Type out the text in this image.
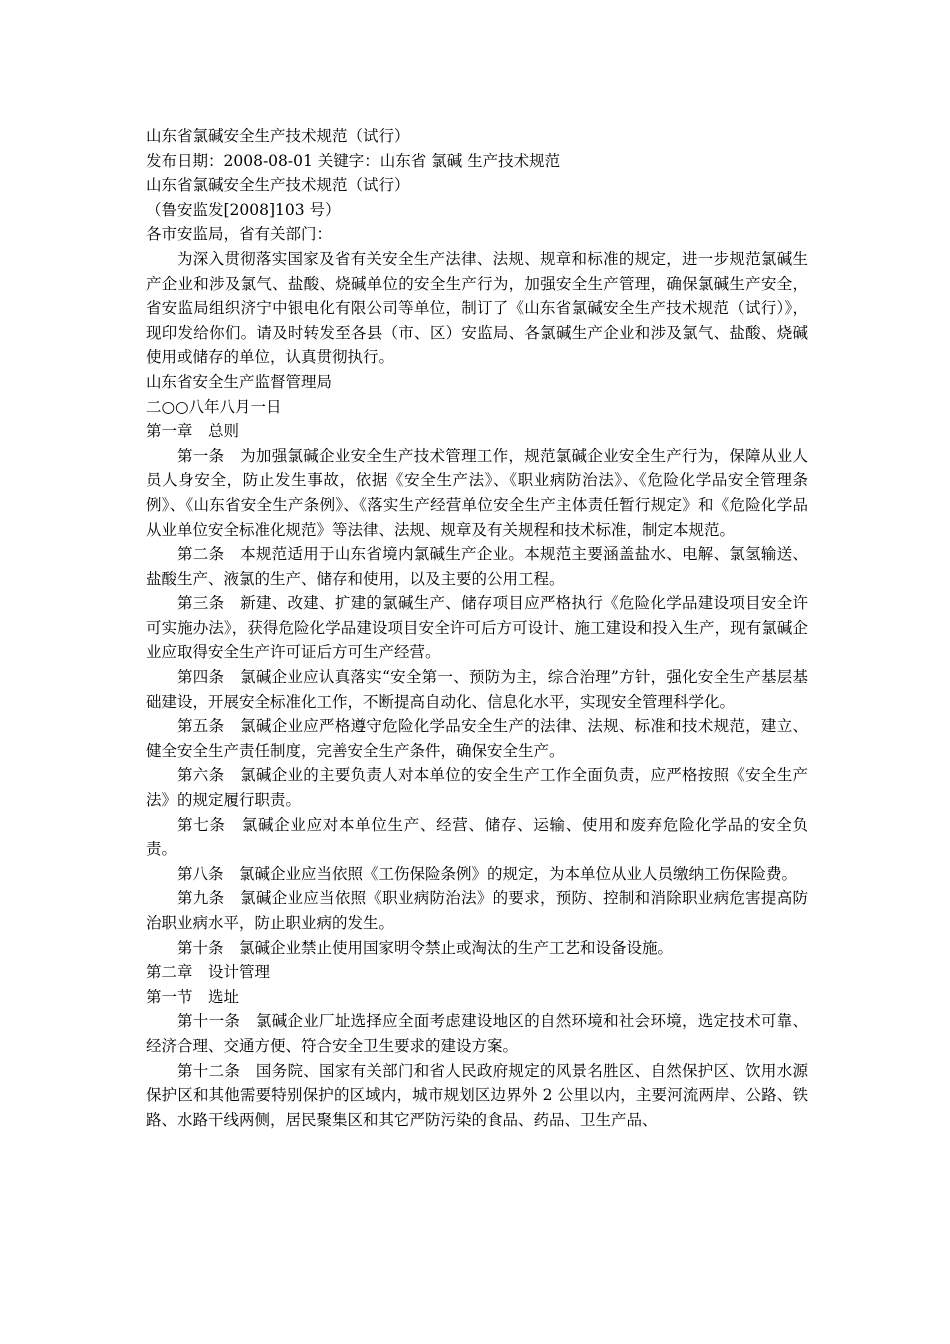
山东省氯碱安全生产技术规范（试行）

发布日期：2008-08-01 关键字：山东省 氯碱 生产技术规范

山东省氯碱安全生产技术规范（试行）

（鲁安监发[2008]103 号）

各市安监局，省有关部门：

为深入贯彻落实国家及省有关安全生产法律、法规、规章和标准的规定，进一步规范氯碱生产企业和涉及氯气、盐酸、烧碱单位的安全生产行为，加强安全生产管理，确保氯碱生产安全，省安监局组织济宁中银电化有限公司等单位，制订了《山东省氯碱安全生产技术规范（试行）》，现印发给你们。请及时转发至各县（市、区）安监局、各氯碱生产企业和涉及氯气、盐酸、烧碱使用或储存的单位，认真贯彻执行。

山东省安全生产监督管理局

二○○八年八月一日

第一章　总则

第一条　为加强氯碱企业安全生产技术管理工作，规范氯碱企业安全生产行为，保障从业人员人身安全，防止发生事故，依据《安全生产法》、《职业病防治法》、《危险化学品安全管理条例》、《山东省安全生产条例》、《落实生产经营单位安全生产主体责任暂行规定》和《危险化学品从业单位安全标准化规范》等法律、法规、规章及有关规程和技术标准，制定本规范。

第二条　本规范适用于山东省境内氯碱生产企业。本规范主要涵盖盐水、电解、氯氢输送、盐酸生产、液氯的生产、储存和使用，以及主要的公用工程。

第三条　新建、改建、扩建的氯碱生产、储存项目应严格执行《危险化学品建设项目安全许可实施办法》，获得危险化学品建设项目安全许可后方可设计、施工建设和投入生产，现有氯碱企业应取得安全生产许可证后方可生产经营。

第四条　氯碱企业应认真落实“安全第一、预防为主，综合治理”方针，强化安全生产基层基础建设，开展安全标准化工作，不断提高自动化、信息化水平，实现安全管理科学化。

第五条　氯碱企业应严格遵守危险化学品安全生产的法律、法规、标准和技术规范，建立、健全安全生产责任制度，完善安全生产条件，确保安全生产。

第六条　氯碱企业的主要负责人对本单位的安全生产工作全面负责，应严格按照《安全生产法》的规定履行职责。

第七条　氯碱企业应对本单位生产、经营、储存、运输、使用和废弃危险化学品的安全负责。

第八条　氯碱企业应当依照《工伤保险条例》的规定，为本单位从业人员缴纳工伤保险费。

第九条　氯碱企业应当依照《职业病防治法》的要求，预防、控制和消除职业病危害提高防治职业病水平，防止职业病的发生。

第十条　氯碱企业禁止使用国家明令禁止或淘汰的生产工艺和设备设施。

第二章　设计管理

第一节　选址

第十一条　氯碱企业厂址选择应全面考虑建设地区的自然环境和社会环境，选定技术可靠、经济合理、交通方便、符合安全卫生要求的建设方案。

第十二条　国务院、国家有关部门和省人民政府规定的风景名胜区、自然保护区、饮用水源保护区和其他需要特别保护的区域内，城市规划区边界外 2 公里以内，主要河流两岸、公路、铁路、水路干线两侧，居民聚集区和其它严防污染的食品、药品、卫生产品、
